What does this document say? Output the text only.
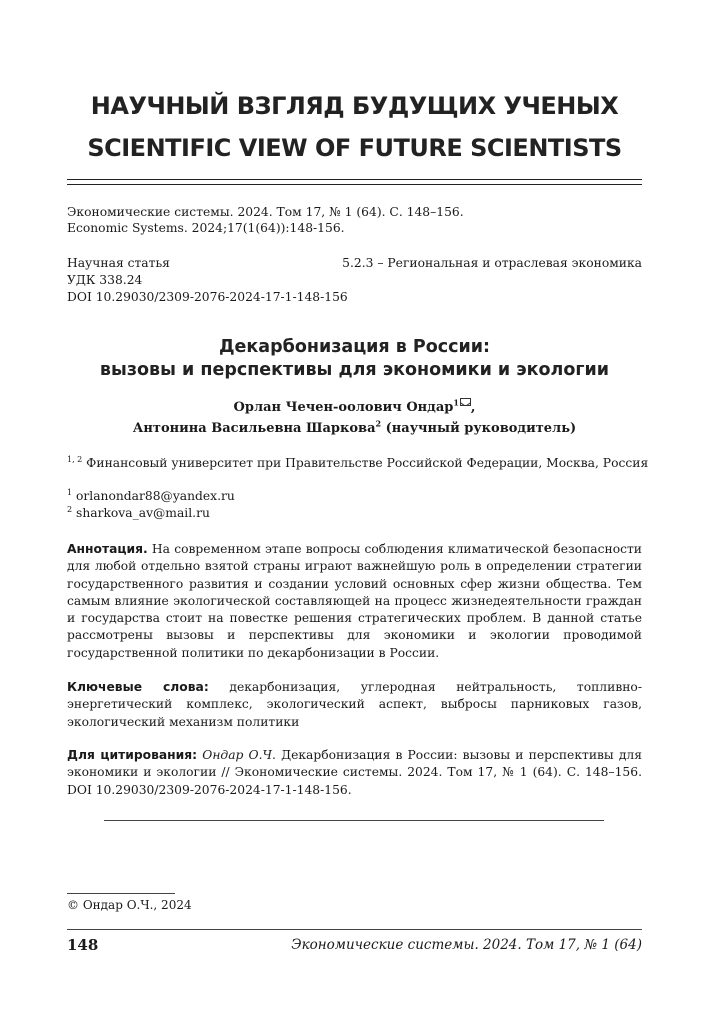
НАУЧНЫЙ ВЗГЛЯД БУДУЩИХ УЧЕНЫХ
SCIENTIFIC VIEW OF FUTURE SCIENTISTS
Экономические системы. 2024. Том 17, № 1 (64). С. 148–156.
Economic Systems. 2024;17(1(64)):148-156.
Научная статья	5.2.3 – Региональная и отраслевая экономика
УДК 338.24
DOI 10.29030/2309-2076-2024-17-1-148-156
Декарбонизация в России:
вызовы и перспективы для экономики и экологии
Орлан Чечен-оолович Ондар$^1$ ,
Антонина Васильевна Шаркова$^2$ (научный руководитель)
$^{1, 2}$ Финансовый университет при Правительстве Российской Федерации, Москва, Россия
$^1$ orlanondar88@yandex.ru
$^2$ sharkova_av@mail.ru
Аннотация. На современном этапе вопросы соблюдения климатической безопасности для любой отдельно взятой страны играют важнейшую роль в определении стратегии государственного развития и создании условий основных сфер жизни общества. Тем самым влияние экологической составляющей на процесс жизнедеятельности граждан и государства стоит на повестке решения стратегических проблем. В данной статье рассмотрены вызовы и перспективы для экономики и экологии проводимой государственной политики по декарбонизации в России.
Ключевые слова: декарбонизация, углеродная нейтральность, топливно-энергетический комплекс, экологический аспект, выбросы парниковых газов, экологический механизм политики
Для цитирования: Ондар О.Ч. Декарбонизация в России: вызовы и перспективы для экономики и экологии // Экономические системы. 2024. Том 17, № 1 (64). С. 148–156. DOI 10.29030/2309-2076-2024-17-1-148-156.
© Ондар О.Ч., 2024
148	Экономические системы. 2024. Том 17, № 1 (64)
